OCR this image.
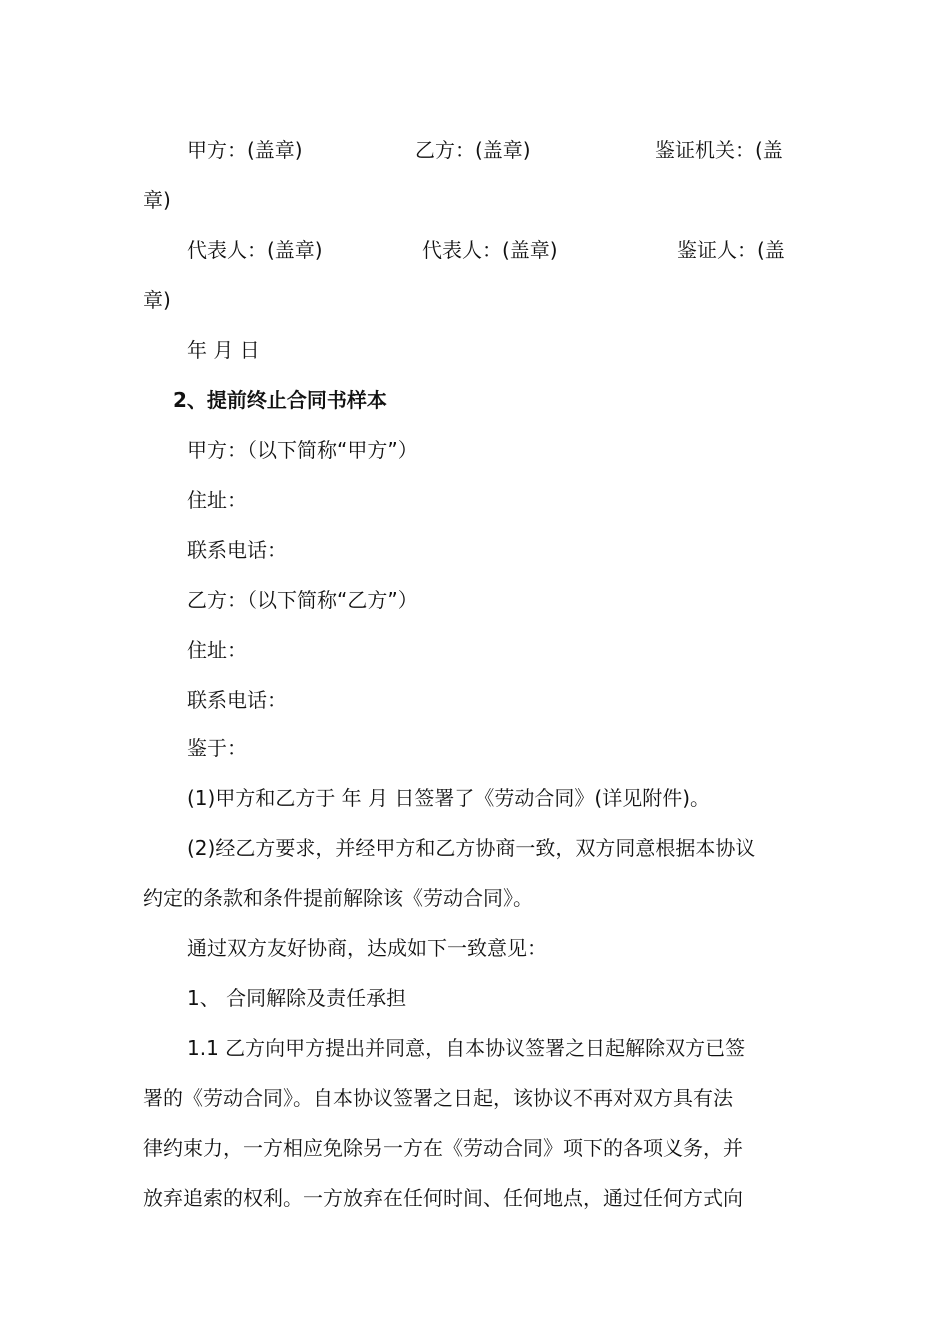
甲方：(盖章)	乙方：(盖章)	鉴证机关：(盖
章)
代表人：(盖章)	代表人：(盖章)	鉴证人：(盖
章)
年 月 日
2、提前终止合同书样本
甲方：（以下简称“甲方”）
住址：
联系电话：
乙方：（以下简称“乙方”）
住址：
联系电话：
鉴于：
(1)甲方和乙方于 年 月 日签署了《劳动合同》(详见附件)。
(2)经乙方要求，并经甲方和乙方协商一致，双方同意根据本协议
约定的条款和条件提前解除该《劳动合同》。
通过双方友好协商，达成如下一致意见：
1、 合同解除及责任承担
1.1 乙方向甲方提出并同意，自本协议签署之日起解除双方已签
署的《劳动合同》。自本协议签署之日起，该协议不再对双方具有法
律约束力，一方相应免除另一方在《劳动合同》项下的各项义务，并
放弃追索的权利。一方放弃在任何时间、任何地点，通过任何方式向
